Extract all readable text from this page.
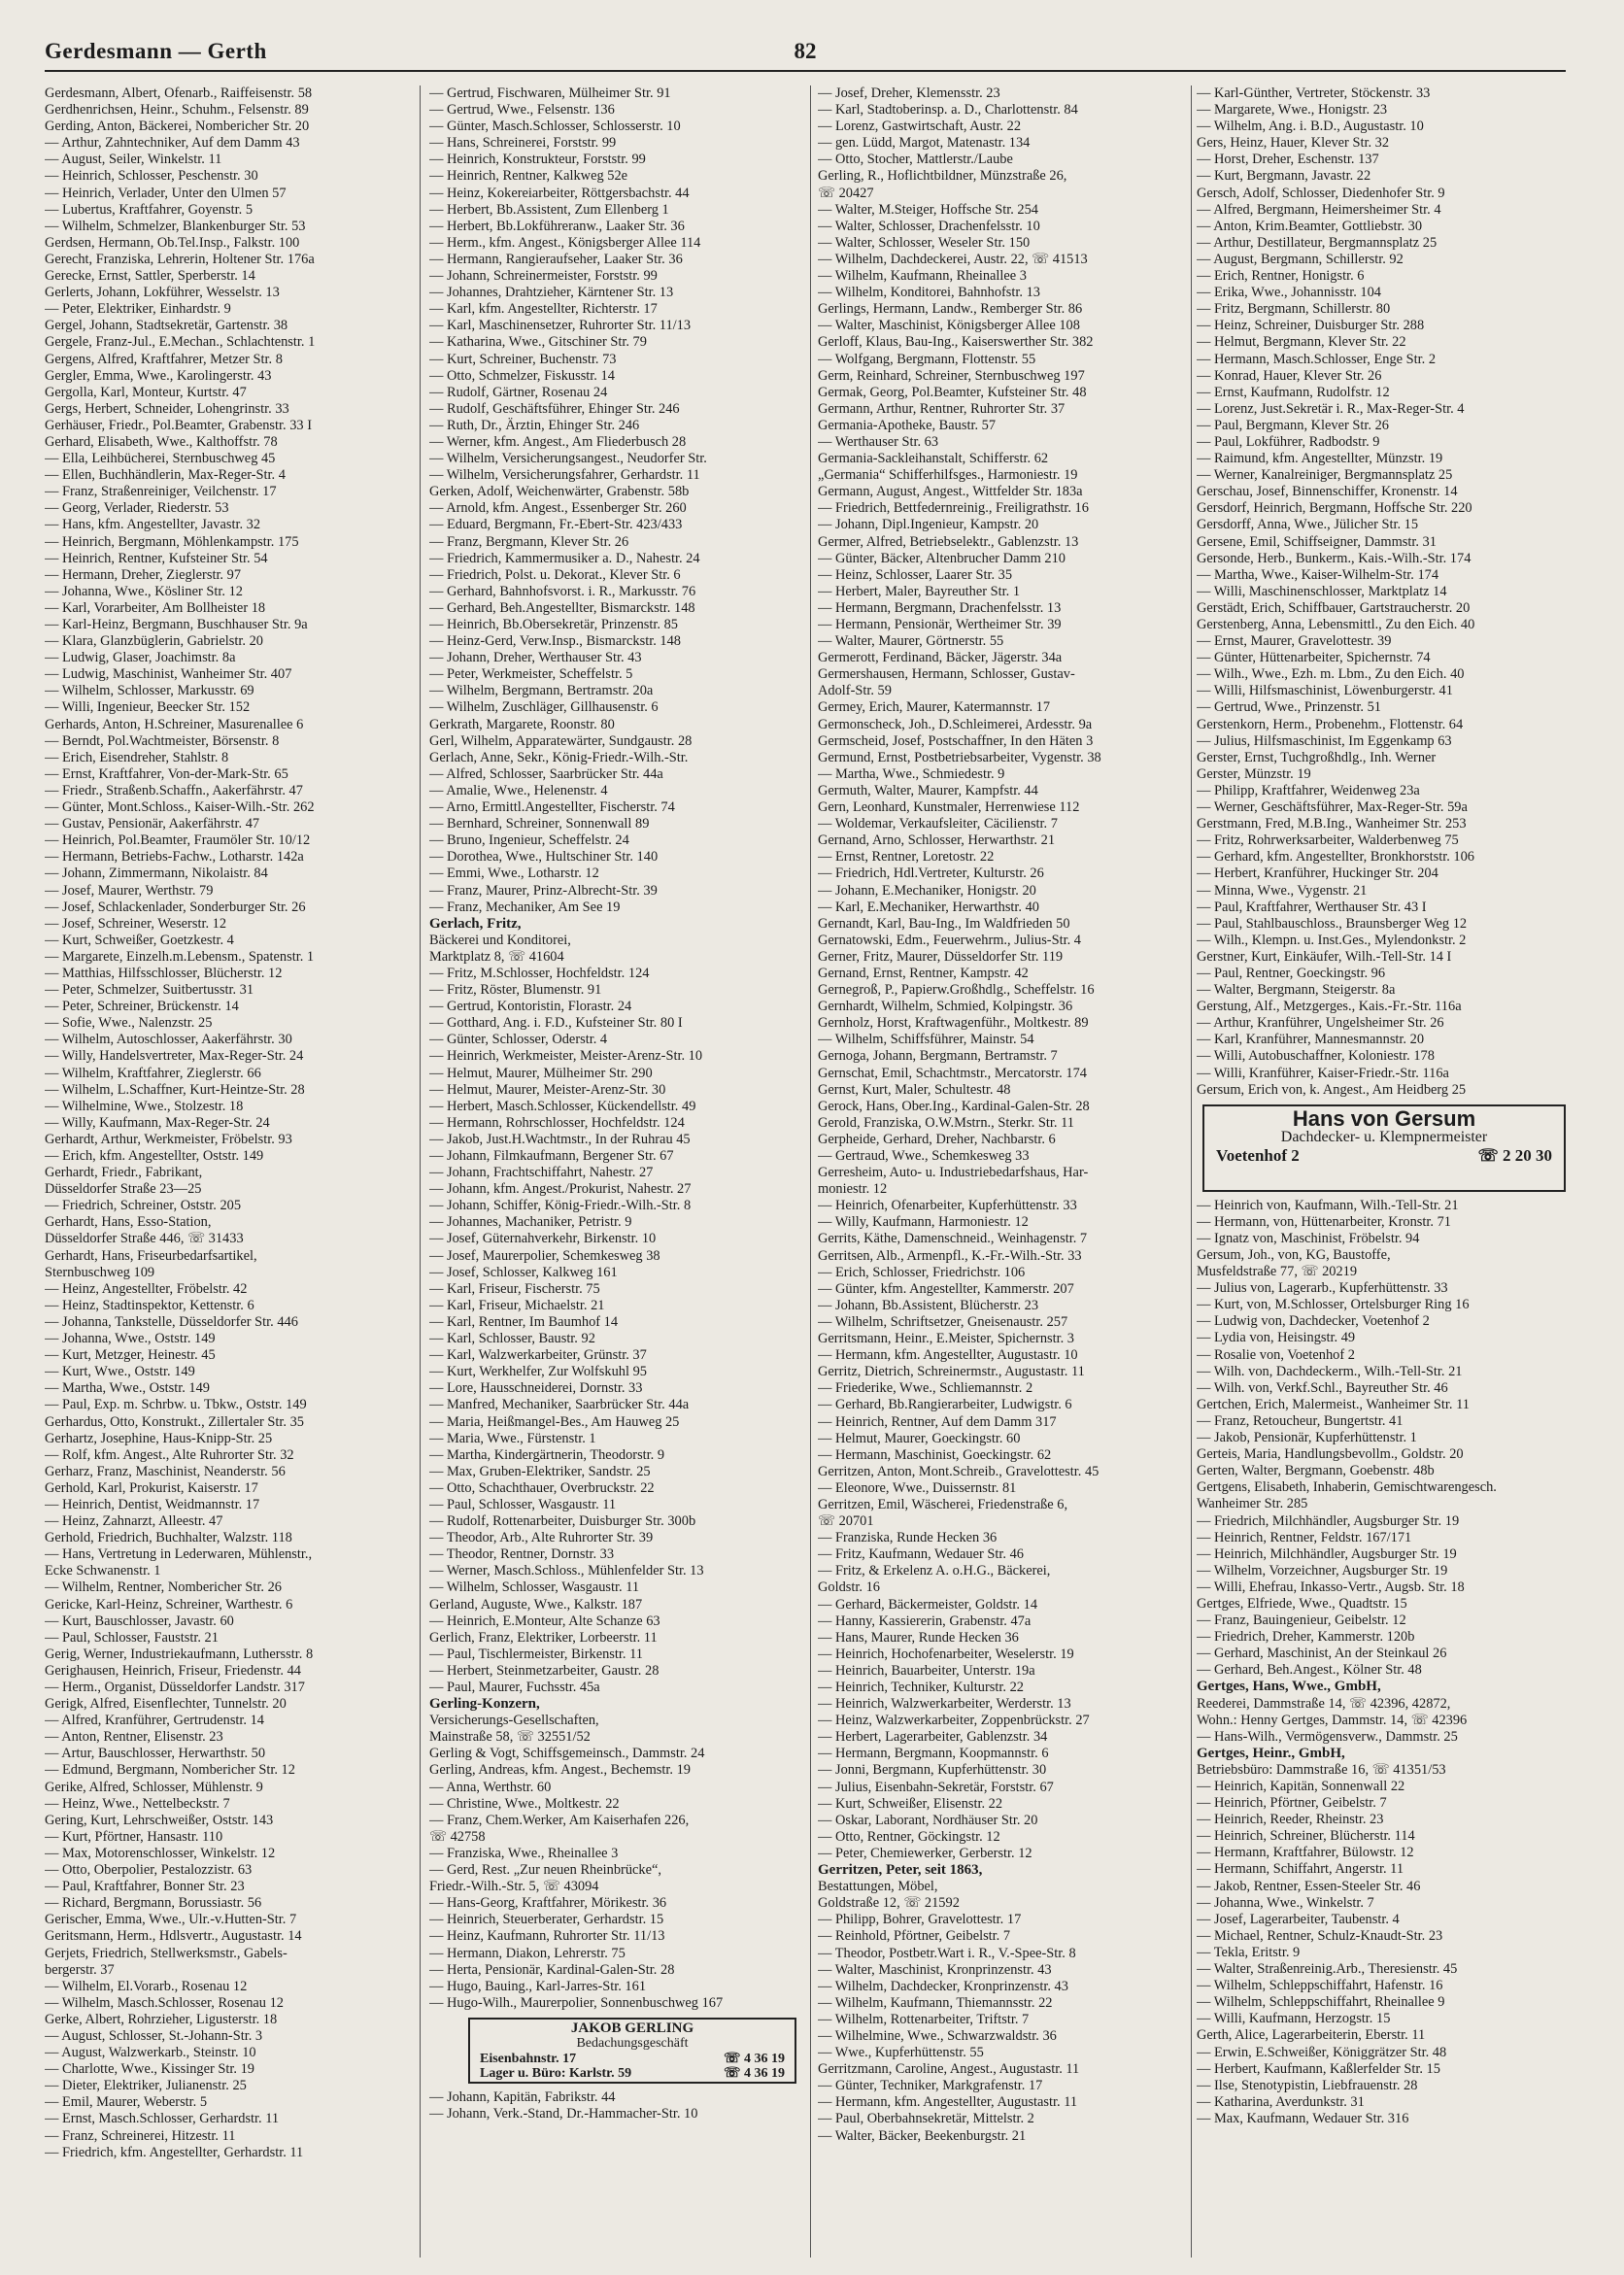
Gerdesmann — Gerth	82
Gerdesmann, Albert, Ofenarb., Raiffeisenstr. 58
Gerdhenrichsen, Heinr., Schuhm., Felsenstr. 89
Gerding, Anton, Bäckerei, Nombericher Str. 20
— Arthur, Zahntechniker, Auf dem Damm 43
— August, Seiler, Winkelstr. 11
— Heinrich, Schlosser, Peschenstr. 30
— Heinrich, Verlader, Unter den Ulmen 57
— Lubertus, Kraftfahrer, Goyenstr. 5
— Wilhelm, Schmelzer, Blankenburger Str. 53
Gerdsen, Hermann, Ob.Tel.Insp., Falkstr. 100
Gerecht, Franziska, Lehrerin, Holtener Str. 176a
Gerecke, Ernst, Sattler, Sperberstr. 14
Gerlerts, Johann, Lokführer, Wesselstr. 13
— Peter, Elektriker, Einhardstr. 9
Gergel, Johann, Stadtsekretär, Gartenstr. 38
Gergele, Franz-Jul., E.Mechan., Schlachtenstr. 1
Gergens, Alfred, Kraftfahrer, Metzer Str. 8
Gergler, Emma, Wwe., Karolingerstr. 43
Gergolla, Karl, Monteur, Kurtstr. 47
Gergs, Herbert, Schneider, Lohengrinstr. 33
Gerhäuser, Friedr., Pol.Beamter, Grabenstr. 33 I
Gerhard, Elisabeth, Wwe., Kalthoffstr. 78
— Ella, Leihbücherei, Sternbuschweg 45
— Ellen, Buchhändlerin, Max-Reger-Str. 4
— Franz, Straßenreiniger, Veilchenstr. 17
— Georg, Verlader, Riederstr. 53
— Hans, kfm. Angestellter, Javastr. 32
— Heinrich, Bergmann, Möhlenkampstr. 175
— Heinrich, Rentner, Kufsteiner Str. 54
— Hermann, Dreher, Zieglerstr. 97
— Johanna, Wwe., Kösliner Str. 12
— Karl, Vorarbeiter, Am Bollheister 18
— Karl-Heinz, Bergmann, Buschhauser Str. 9a
— Klara, Glanzbüglerin, Gabrielstr. 20
— Ludwig, Glaser, Joachimstr. 8a
— Ludwig, Maschinist, Wanheimer Str. 407
— Wilhelm, Schlosser, Markusstr. 69
— Willi, Ingenieur, Beecker Str. 152
Gerhards, Anton, H.Schreiner, Masurenallee 6
— Berndt, Pol.Wachtmeister, Börsenstr. 8
— Erich, Eisendreher, Stahlstr. 8
— Ernst, Kraftfahrer, Von-der-Mark-Str. 65
— Friedr., Straßenb.Schaffn., Aakerfährstr. 47
— Günter, Mont.Schloss., Kaiser-Wilh.-Str. 262
— Gustav, Pensionär, Aakerfährstr. 47
— Heinrich, Pol.Beamter, Fraumöler Str. 10/12
— Hermann, Betriebs-Fachw., Lotharstr. 142a
— Johann, Zimmermann, Nikolaistr. 84
— Josef, Maurer, Werthstr. 79
— Josef, Schlackenlader, Sonderburger Str. 26
— Josef, Schreiner, Weserstr. 12
— Kurt, Schweißer, Goetzkestr. 4
— Margarete, Einzelh.m.Lebensm., Spatenstr. 1
— Matthias, Hilfsschlosser, Blücherstr. 12
— Peter, Schmelzer, Suitbertusstr. 31
— Peter, Schreiner, Brückenstr. 14
— Sofie, Wwe., Nalenzstr. 25
— Wilhelm, Autoschlosser, Aakerfährstr. 30
— Willy, Handelsvertreter, Max-Reger-Str. 24
— Wilhelm, Kraftfahrer, Zieglerstr. 66
— Wilhelm, L.Schaffner, Kurt-Heintze-Str. 28
— Wilhelmine, Wwe., Stolzestr. 18
— Willy, Kaufmann, Max-Reger-Str. 24
Gerhardt, Arthur, Werkmeister, Fröbelstr. 93
— Erich, kfm. Angestellter, Oststr. 149
Gerhardt, Friedr., Fabrikant,
Düsseldorfer Straße 23—25
— Friedrich, Schreiner, Oststr. 205
Gerhardt, Hans, Esso-Station,
Düsseldorfer Straße 446, ☏ 31433
Gerhardt, Hans, Friseurbedarfsartikel,
Sternbuschweg 109
— Heinz, Angestellter, Fröbelstr. 42
— Heinz, Stadtinspektor, Kettenstr. 6
— Johanna, Tankstelle, Düsseldorfer Str. 446
— Johanna, Wwe., Oststr. 149
— Kurt, Metzger, Heinestr. 45
— Kurt, Wwe., Oststr. 149
— Martha, Wwe., Oststr. 149
— Paul, Exp. m. Schrbw. u. Tbkw., Oststr. 149
Gerhardus, Otto, Konstrukt., Zillertaler Str. 35
Gerhartz, Josephine, Haus-Knipp-Str. 25
— Rolf, kfm. Angest., Alte Ruhrorter Str. 32
Gerharz, Franz, Maschinist, Neanderstr. 56
Gerhold, Karl, Prokurist, Kaiserstr. 17
— Heinrich, Dentist, Weidmannstr. 17
— Heinz, Zahnarzt, Alleestr. 47
Gerhold, Friedrich, Buchhalter, Walzstr. 118
— Hans, Vertretung in Lederwaren, Mühlenstr.,
Ecke Schwanenstr. 1
— Wilhelm, Rentner, Nombericher Str. 26
Gericke, Karl-Heinz, Schreiner, Warthestr. 6
— Kurt, Bauschlosser, Javastr. 60
— Paul, Schlosser, Fauststr. 21
Gerig, Werner, Industriekaufmann, Luthersstr. 8
Gerighausen, Heinrich, Friseur, Friedenstr. 44
— Herm., Organist, Düsseldorfer Landstr. 317
Gerigk, Alfred, Eisenflechter, Tunnelstr. 20
— Alfred, Kranführer, Gertrudenstr. 14
— Anton, Rentner, Elisenstr. 23
— Artur, Bauschlosser, Herwarthstr. 50
— Edmund, Bergmann, Nombericher Str. 12
Gerike, Alfred, Schlosser, Mühlenstr. 9
— Heinz, Wwe., Nettelbeckstr. 7
Gering, Kurt, Lehrschweißer, Oststr. 143
— Kurt, Pförtner, Hansastr. 110
— Max, Motorenschlosser, Winkelstr. 12
— Otto, Oberpolier, Pestalozzistr. 63
— Paul, Kraftfahrer, Bonner Str. 23
— Richard, Bergmann, Borussiastr. 56
Gerischer, Emma, Wwe., Ulr.-v.Hutten-Str. 7
Geritsmann, Herm., Hdlsvertr., Augustastr. 14
Gerjets, Friedrich, Stellwerksmstr., Gabels-
bergerstr. 37
— Wilhelm, El.Vorarb., Rosenau 12
— Wilhelm, Masch.Schlosser, Rosenau 12
Gerke, Albert, Rohrzieher, Ligusterstr. 18
— August, Schlosser, St.-Johann-Str. 3
— August, Walzwerkarb., Steinstr. 10
— Charlotte, Wwe., Kissinger Str. 19
— Dieter, Elektriker, Julianenstr. 25
— Emil, Maurer, Weberstr. 5
— Ernst, Masch.Schlosser, Gerhardstr. 11
— Franz, Schreinerei, Hitzestr. 11
— Friedrich, kfm. Angestellter, Gerhardstr. 11
— Gertrud, Fischwaren, Mülheimer Str. 91
— Gertrud, Wwe., Felsenstr. 136
— Günter, Masch.Schlosser, Schlosserstr. 10
— Hans, Schreinerei, Forststr. 99
— Heinrich, Konstrukteur, Forststr. 99
— Heinrich, Rentner, Kalkweg 52e
— Heinz, Kokereiarbeiter, Röttgersbachstr. 44
— Herbert, Bb.Assistent, Zum Ellenberg 1
— Herbert, Bb.Lokführeranw., Laaker Str. 36
— Herm., kfm. Angest., Königsberger Allee 114
— Hermann, Rangieraufseher, Laaker Str. 36
— Johann, Schreinermeister, Forststr. 99
— Johannes, Drahtzieher, Kärntener Str. 13
— Karl, kfm. Angestellter, Richterstr. 17
— Karl, Maschinensetzer, Ruhrorter Str. 11/13
— Katharina, Wwe., Gitschiner Str. 79
— Kurt, Schreiner, Buchenstr. 73
— Otto, Schmelzer, Fiskusstr. 14
— Rudolf, Gärtner, Rosenau 24
— Rudolf, Geschäftsführer, Ehinger Str. 246
— Ruth, Dr., Ärztin, Ehinger Str. 246
— Werner, kfm. Angest., Am Fliederbusch 28
— Wilhelm, Versicherungsangest., Neudorfer Str.
— Wilhelm, Versicherungsfahrer, Gerhardstr. 11
Gerken, Adolf, Weichenwärter, Grabenstr. 58b
— Arnold, kfm. Angest., Essenberger Str. 260
— Eduard, Bergmann, Fr.-Ebert-Str. 423/433
— Franz, Bergmann, Klever Str. 26
— Friedrich, Kammermusiker a. D., Nahestr. 24
— Friedrich, Polst. u. Dekorat., Klever Str. 6
— Gerhard, Bahnhofsvorst. i. R., Markusstr. 76
— Gerhard, Beh.Angestellter, Bismarckstr. 148
— Heinrich, Bb.Obersekretär, Prinzenstr. 85
— Heinz-Gerd, Verw.Insp., Bismarckstr. 148
— Johann, Dreher, Werthauser Str. 43
— Peter, Werkmeister, Scheffelstr. 5
— Wilhelm, Bergmann, Bertramstr. 20a
— Wilhelm, Zuschläger, Gillhausenstr. 6
Gerkrath, Margarete, Roonstr. 80
Gerl, Wilhelm, Apparatewärter, Sundgaustr. 28
Gerlach, Anne, Sekr., König-Friedr.-Wilh.-Str.
— Alfred, Schlosser, Saarbrücker Str. 44a
— Amalie, Wwe., Helenenstr. 4
— Arno, Ermittl.Angestellter, Fischerstr. 74
— Bernhard, Schreiner, Sonnenwall 89
— Bruno, Ingenieur, Scheffelstr. 24
— Dorothea, Wwe., Hultschiner Str. 140
— Emmi, Wwe., Lotharstr. 12
— Franz, Maurer, Prinz-Albrecht-Str. 39
— Franz, Mechaniker, Am See 19
Gerlach, Fritz,
Bäckerei und Konditorei,
Marktplatz 8, ☏ 41604
— Fritz, M.Schlosser, Hochfeldstr. 124
— Fritz, Röster, Blumenstr. 91
— Gertrud, Kontoristin, Florastr. 24
— Gotthard, Ang. i. F.D., Kufsteiner Str. 80 I
— Günter, Schlosser, Oderstr. 4
— Heinrich, Werkmeister, Meister-Arenz-Str. 10
— Helmut, Maurer, Mülheimer Str. 290
— Helmut, Maurer, Meister-Arenz-Str. 30
— Herbert, Masch.Schlosser, Kückendellstr. 49
— Hermann, Rohrschlosser, Hochfeldstr. 124
— Jakob, Just.H.Wachtmstr., In der Ruhrau 45
— Johann, Filmkaufmann, Bergener Str. 67
— Johann, Frachtschiffahrt, Nahestr. 27
— Johann, kfm. Angest./Prokurist, Nahestr. 27
— Johann, Schiffer, König-Friedr.-Wilh.-Str. 8
— Johannes, Machaniker, Petristr. 9
— Josef, Güternahverkehr, Birkenstr. 10
— Josef, Maurerpolier, Schemkesweg 38
— Josef, Schlosser, Kalkweg 161
— Karl, Friseur, Fischerstr. 75
— Karl, Friseur, Michaelstr. 21
— Karl, Rentner, Im Baumhof 14
— Karl, Schlosser, Baustr. 92
— Karl, Walzwerkarbeiter, Grünstr. 37
— Kurt, Werkhelfer, Zur Wolfskuhl 95
— Lore, Hausschneiderei, Dornstr. 33
— Manfred, Mechaniker, Saarbrücker Str. 44a
— Maria, Heißmangel-Bes., Am Hauweg 25
— Maria, Wwe., Fürstenstr. 1
— Martha, Kindergärtnerin, Theodorstr. 9
— Max, Gruben-Elektriker, Sandstr. 25
— Otto, Schachthauer, Overbruckstr. 22
— Paul, Schlosser, Wasgaustr. 11
— Rudolf, Rottenarbeiter, Duisburger Str. 300b
— Theodor, Arb., Alte Ruhrorter Str. 39
— Theodor, Rentner, Dornstr. 33
— Werner, Masch.Schloss., Mühlenfelder Str. 13
— Wilhelm, Schlosser, Wasgaustr. 11
Gerland, Auguste, Wwe., Kalkstr. 187
— Heinrich, E.Monteur, Alte Schanze 63
Gerlich, Franz, Elektriker, Lorbeerstr. 11
— Paul, Tischlermeister, Birkenstr. 11
— Herbert, Steinmetzarbeiter, Gaustr. 28
— Paul, Maurer, Fuchsstr. 45a
Gerling-Konzern,
Versicherungs-Gesellschaften,
Mainstraße 58, ☏ 32551/52
Gerling & Vogt, Schiffsgemeinsch., Dammstr. 24
Gerling, Andreas, kfm. Angest., Bechemstr. 19
— Anna, Werthstr. 60
— Christine, Wwe., Moltkestr. 22
— Franz, Chem.Werker, Am Kaiserhafen 226,
☏ 42758
— Franziska, Wwe., Rheinallee 3
— Gerd, Rest. „Zur neuen Rheinbrücke“,
Friedr.-Wilh.-Str. 5, ☏ 43094
— Hans-Georg, Kraftfahrer, Mörikestr. 36
— Heinrich, Steuerberater, Gerhardstr. 15
— Heinz, Kaufmann, Ruhrorter Str. 11/13
— Hermann, Diakon, Lehrerstr. 75
— Herta, Pensionär, Kardinal-Galen-Str. 28
— Hugo, Bauing., Karl-Jarres-Str. 161
— Hugo-Wilh., Maurerpolier, Sonnenbuschweg 167
JAKOB GERLING
Bedachungsgeschäft
Eisenbahnstr. 17	☏ 4 36 19
Lager u. Büro: Karlstr. 59	☏ 4 36 19
— Johann, Kapitän, Fabrikstr. 44
— Johann, Verk.-Stand, Dr.-Hammacher-Str. 10
— Josef, Dreher, Klemensstr. 23
— Karl, Stadtoberinsp. a. D., Charlottenstr. 84
— Lorenz, Gastwirtschaft, Austr. 22
— gen. Lüdd, Margot, Matenastr. 134
— Otto, Stocher, Mattlerstr./Laube
Gerling, R., Hoflichtbildner, Münzstraße 26,
☏ 20427
— Walter, M.Steiger, Hoffsche Str. 254
— Walter, Schlosser, Drachenfelsstr. 10
— Walter, Schlosser, Weseler Str. 150
— Wilhelm, Dachdeckerei, Austr. 22, ☏ 41513
— Wilhelm, Kaufmann, Rheinallee 3
— Wilhelm, Konditorei, Bahnhofstr. 13
Gerlings, Hermann, Landw., Remberger Str. 86
— Walter, Maschinist, Königsberger Allee 108
Gerloff, Klaus, Bau-Ing., Kaiserswerther Str. 382
— Wolfgang, Bergmann, Flottenstr. 55
Germ, Reinhard, Schreiner, Sternbuschweg 197
Germak, Georg, Pol.Beamter, Kufsteiner Str. 48
Germann, Arthur, Rentner, Ruhrorter Str. 37
Germania-Apotheke, Baustr. 57
— Werthauser Str. 63
Germania-Sackleihanstalt, Schifferstr. 62
„Germania“ Schifferhilfsges., Harmoniestr. 19
Germann, August, Angest., Wittfelder Str. 183a
— Friedrich, Bettfedernreinig., Freiligrathstr. 16
— Johann, Dipl.Ingenieur, Kampstr. 20
Germer, Alfred, Betriebselektr., Gablenzstr. 13
— Günter, Bäcker, Altenbrucher Damm 210
— Heinz, Schlosser, Laarer Str. 35
— Herbert, Maler, Bayreuther Str. 1
— Hermann, Bergmann, Drachenfelsstr. 13
— Hermann, Pensionär, Wertheimer Str. 39
— Walter, Maurer, Görtnerstr. 55
Germerott, Ferdinand, Bäcker, Jägerstr. 34a
Germershausen, Hermann, Schlosser, Gustav-
Adolf-Str. 59
Germey, Erich, Maurer, Katermannstr. 17
Germonscheck, Joh., D.Schleimerei, Ardesstr. 9a
Germscheid, Josef, Postschaffner, In den Häten 3
Germund, Ernst, Postbetriebsarbeiter, Vygenstr. 38
— Martha, Wwe., Schmiedestr. 9
Germuth, Walter, Maurer, Kampfstr. 44
Gern, Leonhard, Kunstmaler, Herrenwiese 112
— Woldemar, Verkaufsleiter, Cäcilienstr. 7
Gernand, Arno, Schlosser, Herwarthstr. 21
— Ernst, Rentner, Loretostr. 22
— Friedrich, Hdl.Vertreter, Kulturstr. 26
— Johann, E.Mechaniker, Honigstr. 20
— Karl, E.Mechaniker, Herwarthstr. 40
Gernandt, Karl, Bau-Ing., Im Waldfrieden 50
Gernatowski, Edm., Feuerwehrm., Julius-Str. 4
Gerner, Fritz, Maurer, Düsseldorfer Str. 119
Gernand, Ernst, Rentner, Kampstr. 42
Gernegroß, P., Papierw.Großhdlg., Scheffelstr. 16
Gernhardt, Wilhelm, Schmied, Kolpingstr. 36
Gernholz, Horst, Kraftwagenführ., Moltkestr. 89
— Wilhelm, Schiffsführer, Mainstr. 54
Gernoga, Johann, Bergmann, Bertramstr. 7
Gernschat, Emil, Schachtmstr., Mercatorstr. 174
Gernst, Kurt, Maler, Schultestr. 48
Gerock, Hans, Ober.Ing., Kardinal-Galen-Str. 28
Gerold, Franziska, O.W.Mstrn., Sterkr. Str. 11
Gerpheide, Gerhard, Dreher, Nachbarstr. 6
— Gertraud, Wwe., Schemkesweg 33
Gerresheim, Auto- u. Industriebedarfshaus, Har-
moniestr. 12
— Heinrich, Ofenarbeiter, Kupferhüttenstr. 33
— Willy, Kaufmann, Harmoniestr. 12
Gerrits, Käthe, Damenschneid., Weinhagenstr. 7
Gerritsen, Alb., Armenpfl., K.-Fr.-Wilh.-Str. 33
— Erich, Schlosser, Friedrichstr. 106
— Günter, kfm. Angestellter, Kammerstr. 207
— Johann, Bb.Assistent, Blücherstr. 23
— Wilhelm, Schriftsetzer, Gneisenaustr. 257
Gerritsmann, Heinr., E.Meister, Spichernstr. 3
— Hermann, kfm. Angestellter, Augustastr. 10
Gerritz, Dietrich, Schreinermstr., Augustastr. 11
— Friederike, Wwe., Schliemannstr. 2
— Gerhard, Bb.Rangierarbeiter, Ludwigstr. 6
— Heinrich, Rentner, Auf dem Damm 317
— Helmut, Maurer, Goeckingstr. 60
— Hermann, Maschinist, Goeckingstr. 62
Gerritzen, Anton, Mont.Schreib., Gravelottestr. 45
— Eleonore, Wwe., Duissernstr. 81
Gerritzen, Emil, Wäscherei, Friedenstraße 6,
☏ 20701
— Franziska, Runde Hecken 36
— Fritz, Kaufmann, Wedauer Str. 46
— Fritz, & Erkelenz A. o.H.G., Bäckerei,
Goldstr. 16
— Gerhard, Bäckermeister, Goldstr. 14
— Hanny, Kassiererin, Grabenstr. 47a
— Hans, Maurer, Runde Hecken 36
— Heinrich, Hochofenarbeiter, Weselerstr. 19
— Heinrich, Bauarbeiter, Unterstr. 19a
— Heinrich, Techniker, Kulturstr. 22
— Heinrich, Walzwerkarbeiter, Werderstr. 13
— Heinz, Walzwerkarbeiter, Zoppenbrückstr. 27
— Herbert, Lagerarbeiter, Gablenzstr. 34
— Hermann, Bergmann, Koopmannstr. 6
— Jonni, Bergmann, Kupferhüttenstr. 30
— Julius, Eisenbahn-Sekretär, Forststr. 67
— Kurt, Schweißer, Elisenstr. 22
— Oskar, Laborant, Nordhäuser Str. 20
— Otto, Rentner, Göckingstr. 12
— Peter, Chemiewerker, Gerberstr. 12
Gerritzen, Peter, seit 1863,
Bestattungen, Möbel,
Goldstraße 12, ☏ 21592
— Philipp, Bohrer, Gravelottestr. 17
— Reinhold, Pförtner, Geibelstr. 7
— Theodor, Postbetr.Wart i. R., V.-Spee-Str. 8
— Walter, Maschinist, Kronprinzenstr. 43
— Wilhelm, Dachdecker, Kronprinzenstr. 43
— Wilhelm, Kaufmann, Thiemannsstr. 22
— Wilhelm, Rottenarbeiter, Triftstr. 7
— Wilhelmine, Wwe., Schwarzwaldstr. 36
— Wwe., Kupferhüttenstr. 55
Gerritzmann, Caroline, Angest., Augustastr. 11
— Günter, Techniker, Markgrafenstr. 17
— Hermann, kfm. Angestellter, Augustastr. 11
— Paul, Oberbahnsekretär, Mittelstr. 2
— Walter, Bäcker, Beekenburgstr. 21
— Karl-Günther, Vertreter, Stöckenstr. 33
— Margarete, Wwe., Honigstr. 23
— Wilhelm, Ang. i. B.D., Augustastr. 10
Gers, Heinz, Hauer, Klever Str. 32
— Horst, Dreher, Eschenstr. 137
— Kurt, Bergmann, Javastr. 22
Gersch, Adolf, Schlosser, Diedenhofer Str. 9
— Alfred, Bergmann, Heimersheimer Str. 4
— Anton, Krim.Beamter, Gottliebstr. 30
— Arthur, Destillateur, Bergmannsplatz 25
— August, Bergmann, Schillerstr. 92
— Erich, Rentner, Honigstr. 6
— Erika, Wwe., Johannisstr. 104
— Fritz, Bergmann, Schillerstr. 80
— Heinz, Schreiner, Duisburger Str. 288
— Helmut, Bergmann, Klever Str. 22
— Hermann, Masch.Schlosser, Enge Str. 2
— Konrad, Hauer, Klever Str. 26
— Ernst, Kaufmann, Rudolfstr. 12
— Lorenz, Just.Sekretär i. R., Max-Reger-Str. 4
— Paul, Bergmann, Klever Str. 26
— Paul, Lokführer, Radbodstr. 9
— Raimund, kfm. Angestellter, Münzstr. 19
— Werner, Kanalreiniger, Bergmannsplatz 25
Gerschau, Josef, Binnenschiffer, Kronenstr. 14
Gersdorf, Heinrich, Bergmann, Hoffsche Str. 220
Gersdorff, Anna, Wwe., Jülicher Str. 15
Gersene, Emil, Schiffseigner, Dammstr. 31
Gersonde, Herb., Bunkerm., Kais.-Wilh.-Str. 174
— Martha, Wwe., Kaiser-Wilhelm-Str. 174
— Willi, Maschinenschlosser, Marktplatz 14
Gerstädt, Erich, Schiffbauer, Gartstraucherstr. 20
Gerstenberg, Anna, Lebensmittl., Zu den Eich. 40
— Ernst, Maurer, Gravelottestr. 39
— Günter, Hüttenarbeiter, Spichernstr. 74
— Wilh., Wwe., Ezh. m. Lbm., Zu den Eich. 40
— Willi, Hilfsmaschinist, Löwenburgerstr. 41
— Gertrud, Wwe., Prinzenstr. 51
Gerstenkorn, Herm., Probenehm., Flottenstr. 64
— Julius, Hilfsmaschinist, Im Eggenkamp 63
Gerster, Ernst, Tuchgroßhdlg., Inh. Werner
Gerster, Münzstr. 19
— Philipp, Kraftfahrer, Weidenweg 23a
— Werner, Geschäftsführer, Max-Reger-Str. 59a
Gerstmann, Fred, M.B.Ing., Wanheimer Str. 253
— Fritz, Rohrwerksarbeiter, Walderbenweg 75
— Gerhard, kfm. Angestellter, Bronkhorststr. 106
— Herbert, Kranführer, Huckinger Str. 204
— Minna, Wwe., Vygenstr. 21
— Paul, Kraftfahrer, Werthauser Str. 43 I
— Paul, Stahlbauschloss., Braunsberger Weg 12
— Wilh., Klempn. u. Inst.Ges., Mylendonkstr. 2
Gerstner, Kurt, Einkäufer, Wilh.-Tell-Str. 14 I
— Paul, Rentner, Goeckingstr. 96
— Walter, Bergmann, Steigerstr. 8a
Gerstung, Alf., Metzgerges., Kais.-Fr.-Str. 116a
— Arthur, Kranführer, Ungelsheimer Str. 26
— Karl, Kranführer, Mannesmannstr. 20
— Willi, Autobuschaffner, Koloniestr. 178
— Willi, Kranführer, Kaiser-Friedr.-Str. 116a
Gersum, Erich von, k. Angest., Am Heidberg 25
Hans von Gersum
Dachdecker- u. Klempnermeister
Voetenhof 2	☏ 2 20 30
— Heinrich von, Kaufmann, Wilh.-Tell-Str. 21
— Hermann, von, Hüttenarbeiter, Kronstr. 71
— Ignatz von, Maschinist, Fröbelstr. 94
Gersum, Joh., von, KG, Baustoffe,
Musfeldstraße 77, ☏ 20219
— Julius von, Lagerarb., Kupferhüttenstr. 33
— Kurt, von, M.Schlosser, Ortelsburger Ring 16
— Ludwig von, Dachdecker, Voetenhof 2
— Lydia von, Heisingstr. 49
— Rosalie von, Voetenhof 2
— Wilh. von, Dachdeckerm., Wilh.-Tell-Str. 21
— Wilh. von, Verkf.Schl., Bayreuther Str. 46
Gertchen, Erich, Malermeist., Wanheimer Str. 11
— Franz, Retoucheur, Bungertstr. 41
— Jakob, Pensionär, Kupferhüttenstr. 1
Gerteis, Maria, Handlungsbevollm., Goldstr. 20
Gerten, Walter, Bergmann, Goebenstr. 48b
Gertgens, Elisabeth, Inhaberin, Gemischtwarengesch.
Wanheimer Str. 285
— Friedrich, Milchhändler, Augsburger Str. 19
— Heinrich, Rentner, Feldstr. 167/171
— Heinrich, Milchhändler, Augsburger Str. 19
— Wilhelm, Vorzeichner, Augsburger Str. 19
— Willi, Ehefrau, Inkasso-Vertr., Augsb. Str. 18
Gertges, Elfriede, Wwe., Quadtstr. 15
— Franz, Bauingenieur, Geibelstr. 12
— Friedrich, Dreher, Kammerstr. 120b
— Gerhard, Maschinist, An der Steinkaul 26
— Gerhard, Beh.Angest., Kölner Str. 48
Gertges, Hans, Wwe., GmbH,
Reederei, Dammstraße 14, ☏ 42396, 42872,
Wohn.: Henny Gertges, Dammstr. 14, ☏ 42396
— Hans-Wilh., Vermögensverw., Dammstr. 25
Gertges, Heinr., GmbH,
Betriebsbüro: Dammstraße 16, ☏ 41351/53
— Heinrich, Kapitän, Sonnenwall 22
— Heinrich, Pförtner, Geibelstr. 7
— Heinrich, Reeder, Rheinstr. 23
— Heinrich, Schreiner, Blücherstr. 114
— Hermann, Kraftfahrer, Bülowstr. 12
— Hermann, Schiffahrt, Angerstr. 11
— Jakob, Rentner, Essen-Steeler Str. 46
— Johanna, Wwe., Winkelstr. 7
— Josef, Lagerarbeiter, Taubenstr. 4
— Michael, Rentner, Schulz-Knaudt-Str. 23
— Tekla, Eritstr. 9
— Walter, Straßenreinig.Arb., Theresienstr. 45
— Wilhelm, Schleppschiffahrt, Hafenstr. 16
— Wilhelm, Schleppschiffahrt, Rheinallee 9
— Willi, Kaufmann, Herzogstr. 15
Gerth, Alice, Lagerarbeiterin, Eberstr. 11
— Erwin, E.Schweißer, Königgrätzer Str. 48
— Herbert, Kaufmann, Kaßlerfelder Str. 15
— Ilse, Stenotypistin, Liebfrauenstr. 28
— Katharina, Averdunkstr. 31
— Max, Kaufmann, Wedauer Str. 316
